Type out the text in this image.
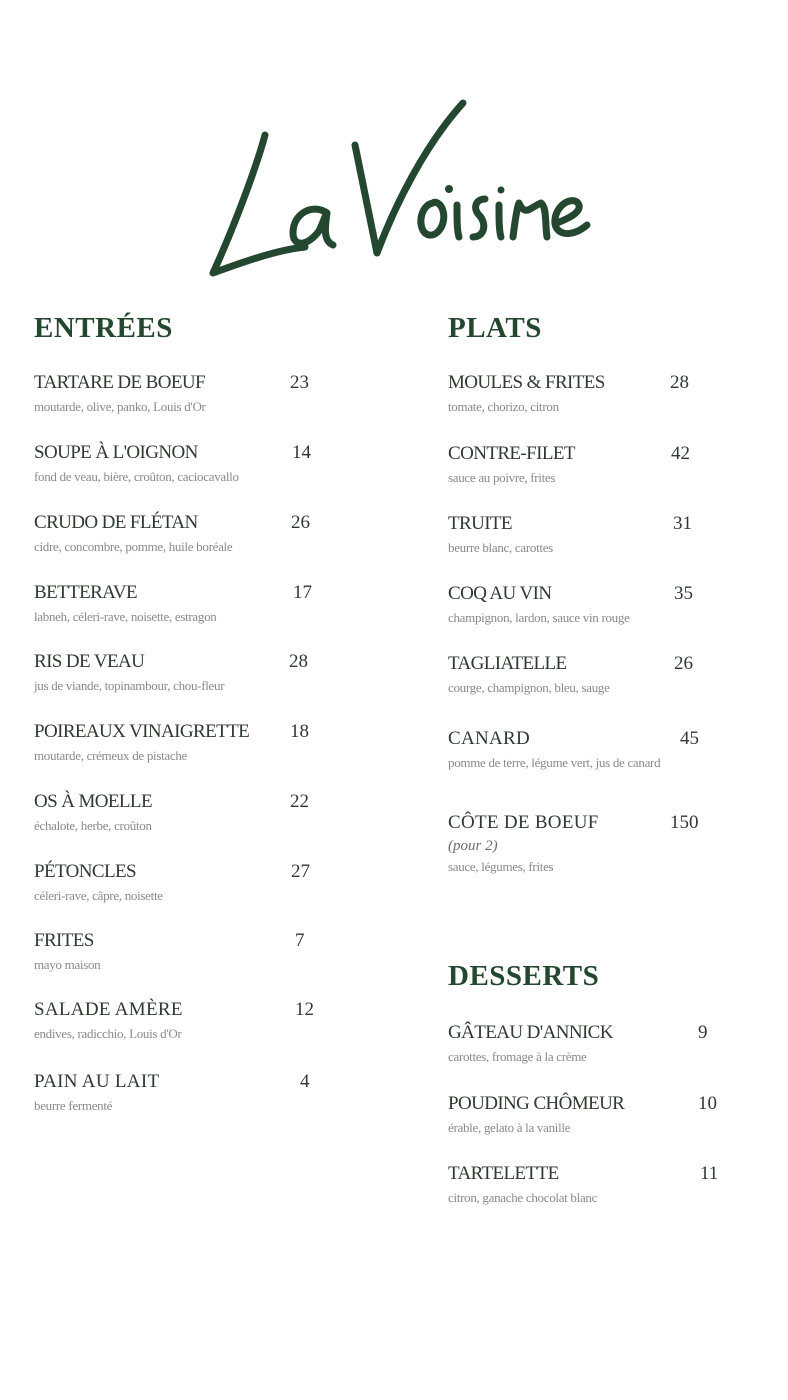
ENTRÉES
TARTARE DE BOEUF	23
moutarde, olive, panko, Louis d'Or
SOUPE À L'OIGNON	14
fond de veau, bière, croûton, caciocavallo
CRUDO DE FLÉTAN	26
cidre, concombre, pomme, huile boréale
BETTERAVE	17
labneh, céleri-rave, noisette, estragon
RIS DE VEAU	28
jus de viande, topinambour, chou-fleur
POIREAUX VINAIGRETTE 18
moutarde, crémeux de pistache
OS À MOELLE	22
échalote, herbe, croûton
PÉTONCLES	27
céleri-rave, câpre, noisette
FRITES	7
mayo maison
SALADE AMÈRE	12
endives, radicchio, Louis d'Or
PAIN AU LAIT	4
beurre fermenté
PLATS
MOULES & FRITES	28
tomate, chorizo, citron
CONTRE-FILET	42
sauce au poivre, frites
TRUITE	31
beurre blanc, carottes
COQ AU VIN	35
champignon, lardon, sauce vin rouge
TAGLIATELLE	26
courge, champignon, bleu, sauge
CANARD	45
pomme de terre, légume vert, jus de canard
CÔTE DE BOEUF	150
(pour 2)
sauce, légumes, frites
DESSERTS
GÂTEAU D'ANNICK	9
carottes, fromage à la crème
POUDING CHÔMEUR	10
érable, gelato à la vanille
TARTELETTE	11
citron, ganache chocolat blanc
